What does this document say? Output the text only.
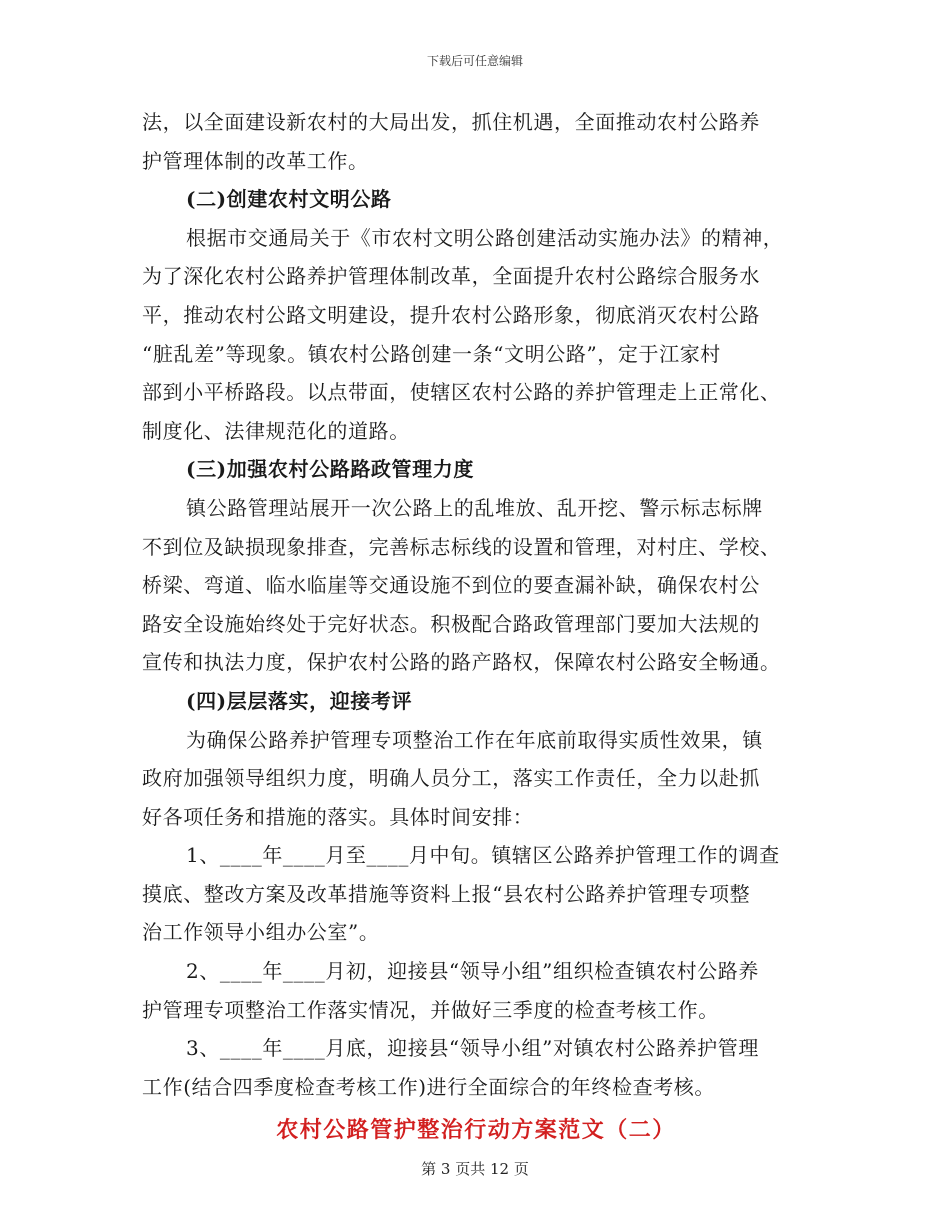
下载后可任意编辑
法，以全面建设新农村的大局出发，抓住机遇，全面推动农村公路养
护管理体制的改革工作。
(二)创建农村文明公路
根据市交通局关于《市农村文明公路创建活动实施办法》的精神，
为了深化农村公路养护管理体制改革，全面提升农村公路综合服务水
平，推动农村公路文明建设，提升农村公路形象，彻底消灭农村公路
“脏乱差”等现象。镇农村公路创建一条“文明公路”，定于江家村
部到小平桥路段。以点带面，使辖区农村公路的养护管理走上正常化、
制度化、法律规范化的道路。
(三)加强农村公路路政管理力度
镇公路管理站展开一次公路上的乱堆放、乱开挖、警示标志标牌
不到位及缺损现象排查，完善标志标线的设置和管理，对村庄、学校、
桥梁、弯道、临水临崖等交通设施不到位的要查漏补缺，确保农村公
路安全设施始终处于完好状态。积极配合路政管理部门要加大法规的
宣传和执法力度，保护农村公路的路产路权，保障农村公路安全畅通。
(四)层层落实，迎接考评
为确保公路养护管理专项整治工作在年底前取得实质性效果，镇
政府加强领导组织力度，明确人员分工，落实工作责任，全力以赴抓
好各项任务和措施的落实。具体时间安排：
1、____年____月至____月中旬。镇辖区公路养护管理工作的调查
摸底、整改方案及改革措施等资料上报“县农村公路养护管理专项整
治工作领导小组办公室”。
2、____年____月初，迎接县“领导小组”组织检查镇农村公路养
护管理专项整治工作落实情况，并做好三季度的检查考核工作。
3、____年____月底，迎接县“领导小组”对镇农村公路养护管理
工作(结合四季度检查考核工作)进行全面综合的年终检查考核。
农村公路管护整治行动方案范文（二）
第 3 页共 12 页
